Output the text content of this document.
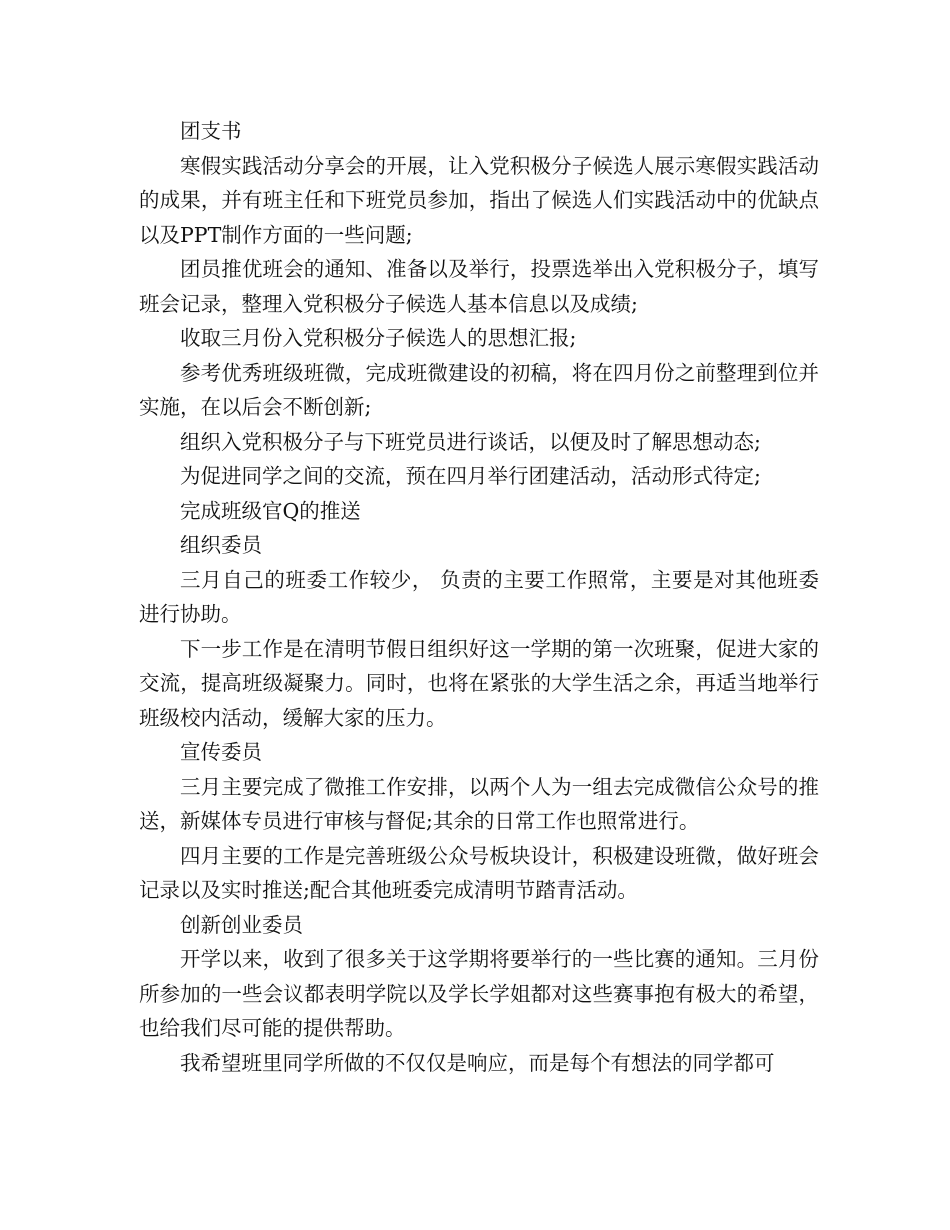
团支书

寒假实践活动分享会的开展，让入党积极分子候选人展示寒假实践活动的成果，并有班主任和下班党员参加，指出了候选人们实践活动中的优缺点以及PPT制作方面的一些问题;

团员推优班会的通知、准备以及举行，投票选举出入党积极分子，填写班会记录，整理入党积极分子候选人基本信息以及成绩;

收取三月份入党积极分子候选人的思想汇报;

参考优秀班级班微，完成班微建设的初稿，将在四月份之前整理到位并实施，在以后会不断创新;

组织入党积极分子与下班党员进行谈话，以便及时了解思想动态;

为促进同学之间的交流，预在四月举行团建活动，活动形式待定;

完成班级官Q的推送

组织委员

三月自己的班委工作较少， 负责的主要工作照常，主要是对其他班委进行协助。

下一步工作是在清明节假日组织好这一学期的第一次班聚，促进大家的交流，提高班级凝聚力。同时，也将在紧张的大学生活之余，再适当地举行班级校内活动，缓解大家的压力。

宣传委员

三月主要完成了微推工作安排，以两个人为一组去完成微信公众号的推送，新媒体专员进行审核与督促;其余的日常工作也照常进行。

四月主要的工作是完善班级公众号板块设计，积极建设班微，做好班会记录以及实时推送;配合其他班委完成清明节踏青活动。

创新创业委员

开学以来，收到了很多关于这学期将要举行的一些比赛的通知。三月份所参加的一些会议都表明学院以及学长学姐都对这些赛事抱有极大的希望，也给我们尽可能的提供帮助。

我希望班里同学所做的不仅仅是响应，而是每个有想法的同学都可
